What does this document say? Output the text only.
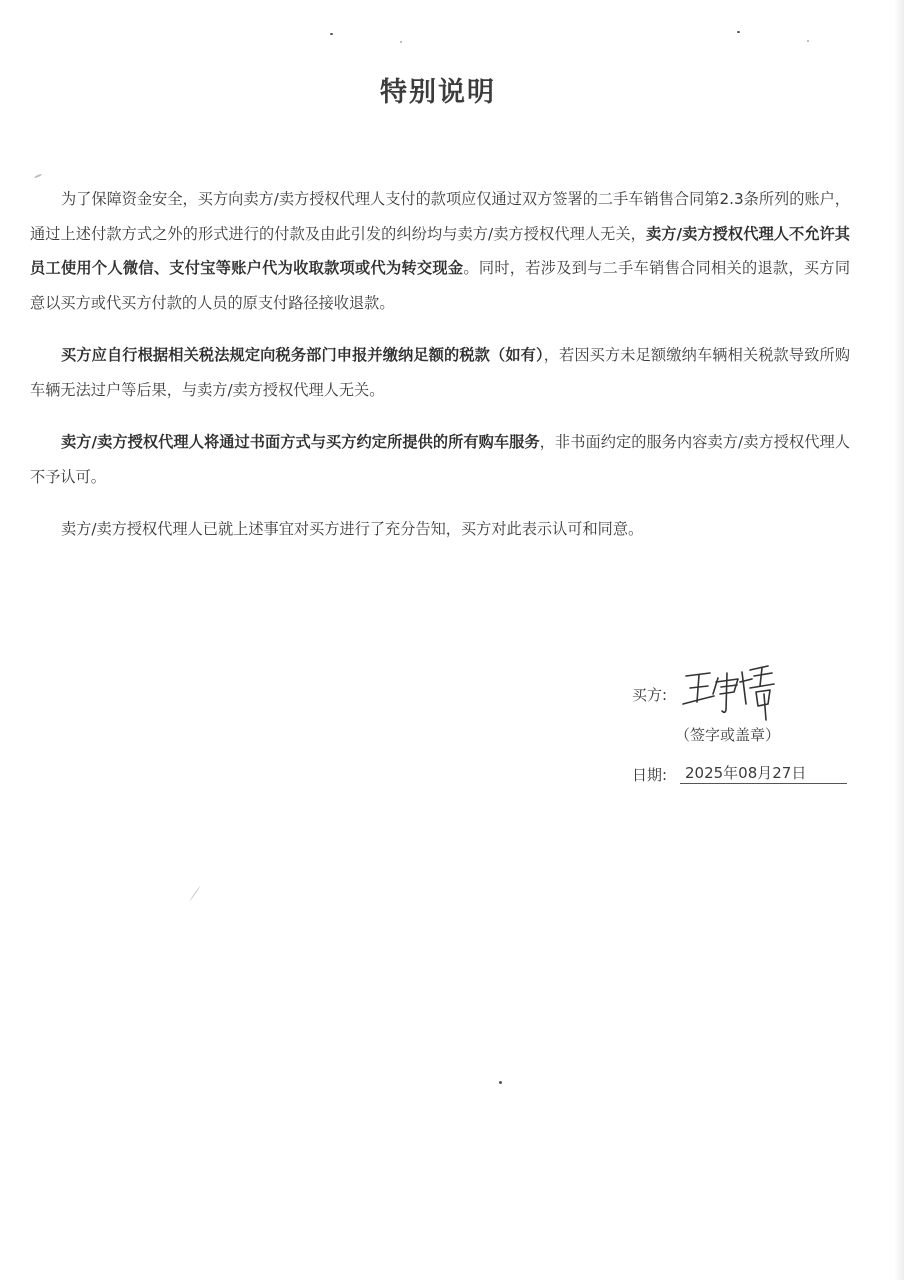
特别说明

为了保障资金安全，买方向卖方/卖方授权代理人支付的款项应仅通过双方签署的二手车销售合同第2.3条所列的账户，通过上述付款方式之外的形式进行的付款及由此引发的纠纷均与卖方/卖方授权代理人无关，卖方/卖方授权代理人不允许其员工使用个人微信、支付宝等账户代为收取款项或代为转交现金。同时，若涉及到与二手车销售合同相关的退款，买方同意以买方或代买方付款的人员的原支付路径接收退款。

买方应自行根据相关税法规定向税务部门申报并缴纳足额的税款（如有），若因买方未足额缴纳车辆相关税款导致所购车辆无法过户等后果，与卖方/卖方授权代理人无关。

卖方/卖方授权代理人将通过书面方式与买方约定所提供的所有购车服务，非书面约定的服务内容卖方/卖方授权代理人不予认可。

卖方/卖方授权代理人已就上述事宜对买方进行了充分告知，买方对此表示认可和同意。

买方:
（签字或盖章）
日期:	2025年08月27日
